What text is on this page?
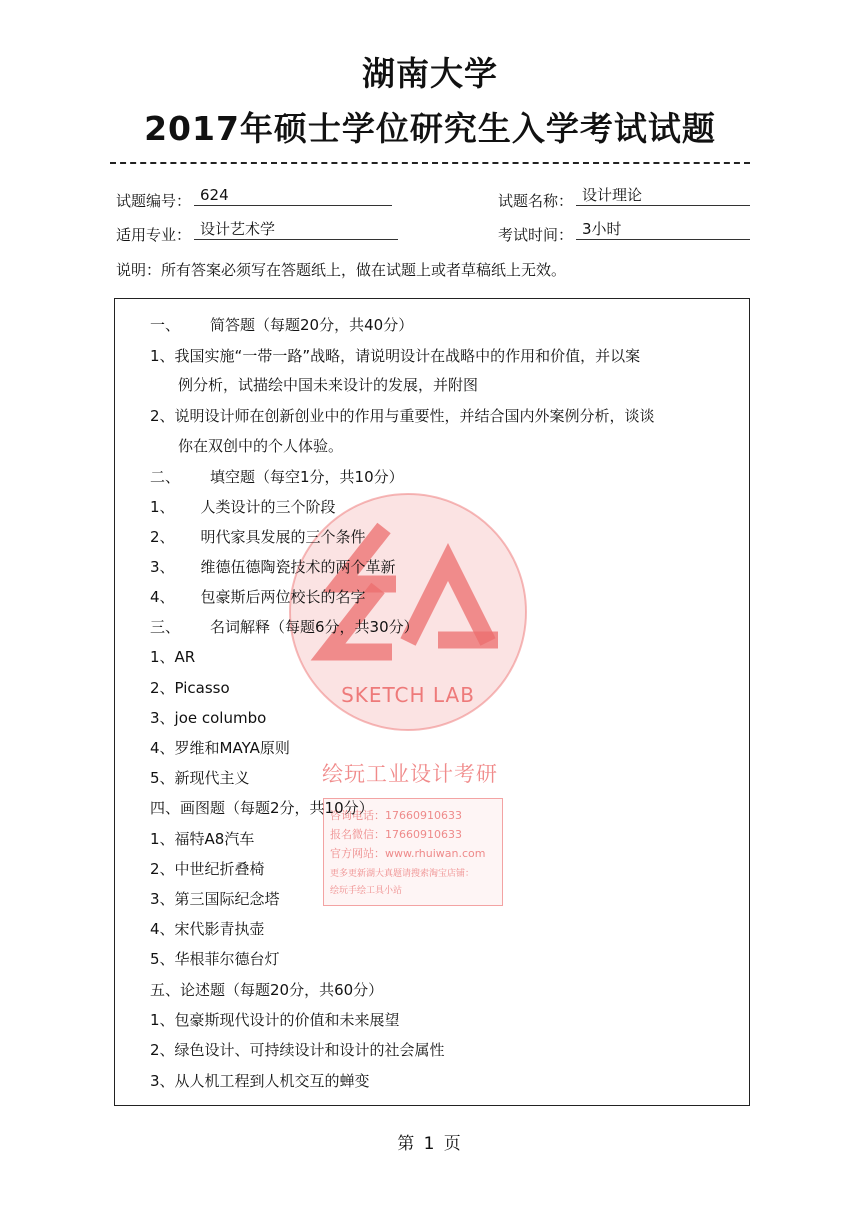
湖南大学
2017年硕士学位研究生入学考试试题
试题编号： 624	试题名称： 设计理论
适用专业： 设计艺术学	考试时间： 3小时
说明：所有答案必须写在答题纸上，做在试题上或者草稿纸上无效。
SKETCH LAB
绘玩工业设计考研
咨询电话：17660910633
报名微信：17660910633
官方网站：www.rhuiwan.com
更多更新湖大真题请搜索淘宝店铺：
绘玩手绘工具小站
一、 简答题（每题20分，共40分）
1、我国实施“一带一路”战略，请说明设计在战略中的作用和价值，并以案
例分析，试描绘中国未来设计的发展，并附图
2、说明设计师在创新创业中的作用与重要性，并结合国内外案例分析，谈谈
你在双创中的个人体验。
二、 填空题（每空1分，共10分）
1、 人类设计的三个阶段
2、 明代家具发展的三个条件
3、 维德伍德陶瓷技术的两个革新
4、 包豪斯后两位校长的名字
三、 名词解释（每题6分，共30分）
1、AR
2、Picasso
3、joe columbo
4、罗维和MAYA原则
5、新现代主义
四、画图题（每题2分，共10分）
1、福特A8汽车
2、中世纪折叠椅
3、第三国际纪念塔
4、宋代影青执壶
5、华根菲尔德台灯
五、论述题（每题20分，共60分）
1、包豪斯现代设计的价值和未来展望
2、绿色设计、可持续设计和设计的社会属性
3、从人机工程到人机交互的蝉变
第 1 页
